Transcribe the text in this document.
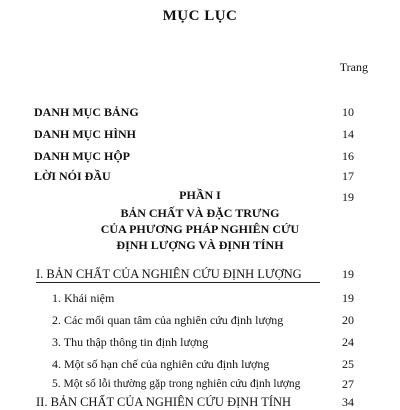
MỤC LỤC
Trang
DANH MỤC BẢNG	10
DANH MỤC HÌNH	14
DANH MỤC HỘP	16
LỜI NÓI ĐẦU	17
PHẦN I	19
BẢN CHẤT VÀ ĐẶC TRƯNG
CỦA PHƯƠNG PHÁP NGHIÊN CỨU
ĐỊNH LƯỢNG VÀ ĐỊNH TÍNH
I. BẢN CHẤT CỦA NGHIÊN CỨU ĐỊNH LƯỢNG	19
1. Khái niệm	19
2. Các mối quan tâm của nghiên cứu định lượng	20
3. Thu thập thông tin định lượng	24
4. Một số hạn chế của nghiên cứu định lượng	25
5. Một số lỗi thường gặp trong nghiên cứu định lượng	27
II. BẢN CHẤT CỦA NGHIÊN CỨU ĐỊNH TÍNH	34
